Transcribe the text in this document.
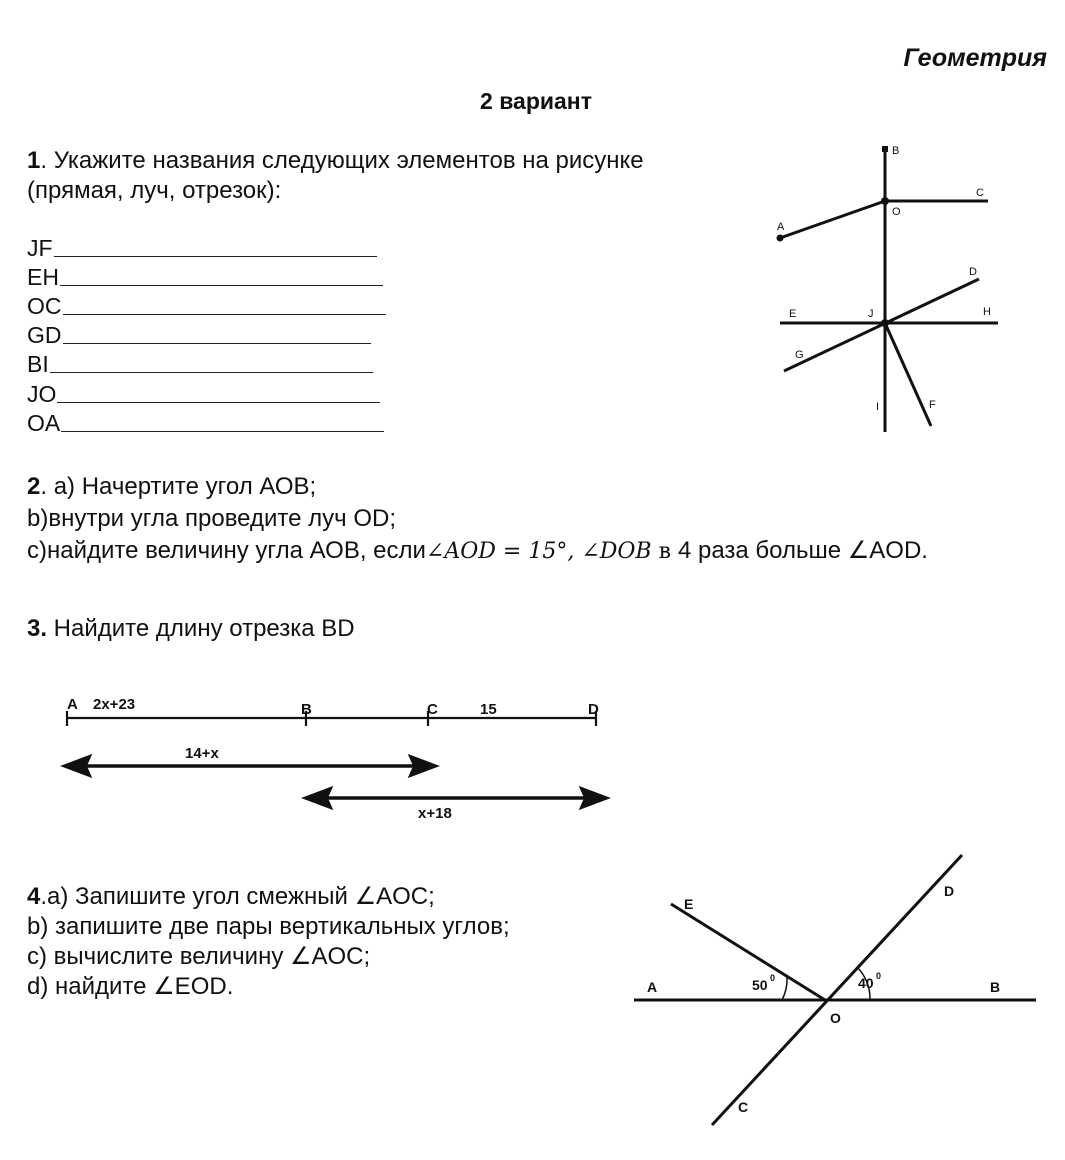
Геометрия
2 вариант
1. Укажите названия следующих элементов на рисунке
(прямая, луч, отрезок):
JF
EH
OC
GD
BI
JO
OA
B
C
O
A
D
E	J	H
G
I	F
2. а) Начертите угол АОВ;
b)внутри угла проведите луч OD;
с)найдите величину угла АОВ, если∠AOD = 15°, ∠DOB в 4 раза больше ∠AOD.
3. Найдите длину отрезка BD
A 2x+23	B	C	15	D
14+x
x+18
4.а) Запишите угол смежный ∠AOC;
b) запишите две пары вертикальных углов;
с) вычислите величину ∠AOC;
d) найдите ∠EOD.
E
D
A	B
O
C
50	40
0	0
